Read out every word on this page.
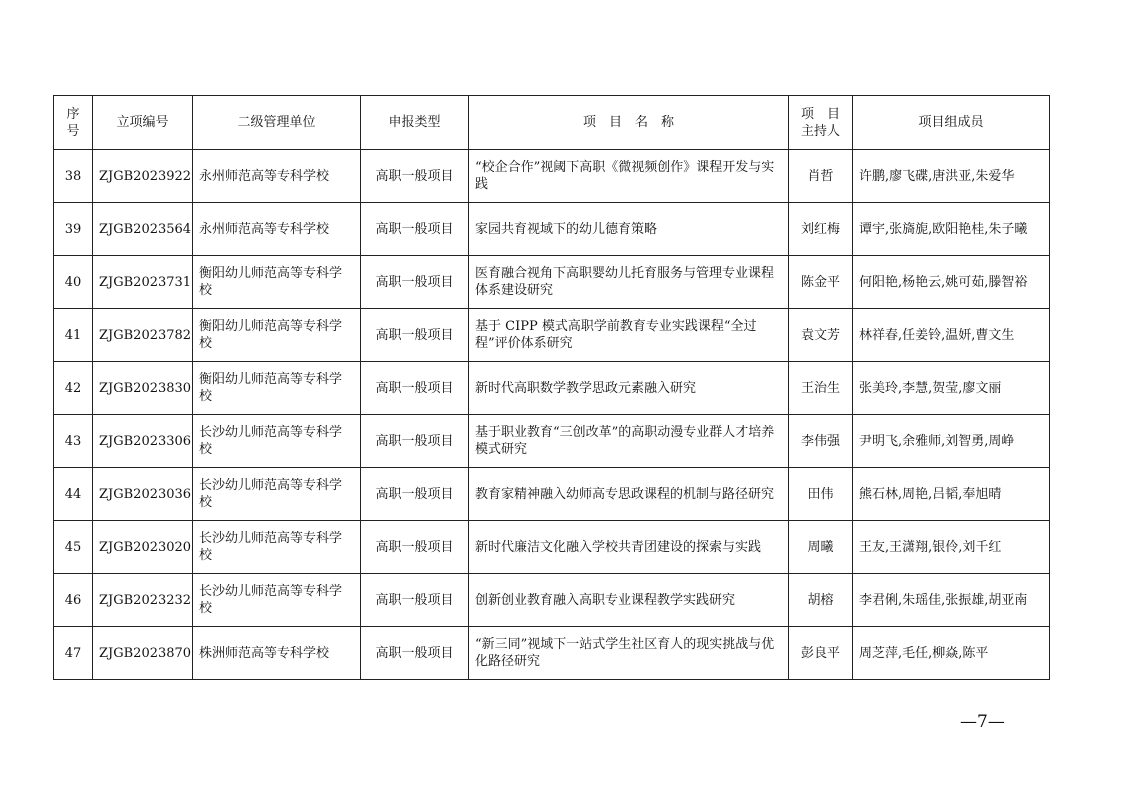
序号	立项编号	二级管理单位	申报类型	项　目　名　称	项　目主持人	项目组成员
38	ZJGB2023922	永州师范高等专科学校	高职一般项目	“校企合作”视阈下高职《微视频创作》课程开发与实践	肖哲	许鹏,廖飞碟,唐洪亚,朱爱华
39	ZJGB2023564	永州师范高等专科学校	高职一般项目	家园共育视域下的幼儿德育策略	刘红梅	谭宇,张旖旎,欧阳艳桂,朱子曦
40	ZJGB2023731	衡阳幼儿师范高等专科学校	高职一般项目	医育融合视角下高职婴幼儿托育服务与管理专业课程体系建设研究	陈金平	何阳艳,杨艳云,姚可茹,滕智裕
41	ZJGB2023782	衡阳幼儿师范高等专科学校	高职一般项目	基于 CIPP 模式高职学前教育专业实践课程“全过程”评价体系研究	袁文芳	林祥春,任姜铃,温妍,曹文生
42	ZJGB2023830	衡阳幼儿师范高等专科学校	高职一般项目	新时代高职数学教学思政元素融入研究	王治生	张美玲,李慧,贺莹,廖文丽
43	ZJGB2023306	长沙幼儿师范高等专科学校	高职一般项目	基于职业教育“三创改革”的高职动漫专业群人才培养模式研究	李伟强	尹明飞,余雅师,刘智勇,周峥
44	ZJGB2023036	长沙幼儿师范高等专科学校	高职一般项目	教育家精神融入幼师高专思政课程的机制与路径研究	田伟	熊石林,周艳,吕韬,奉旭晴
45	ZJGB2023020	长沙幼儿师范高等专科学校	高职一般项目	新时代廉洁文化融入学校共青团建设的探索与实践	周曦	王友,王潇翔,银伶,刘千红
46	ZJGB2023232	长沙幼儿师范高等专科学校	高职一般项目	创新创业教育融入高职专业课程教学实践研究	胡榕	李君俐,朱瑶佳,张振雄,胡亚南
47	ZJGB2023870	株洲师范高等专科学校	高职一般项目	“新三同”视域下一站式学生社区育人的现实挑战与优化路径研究	彭良平	周芝萍,毛任,柳焱,陈平
—7—
